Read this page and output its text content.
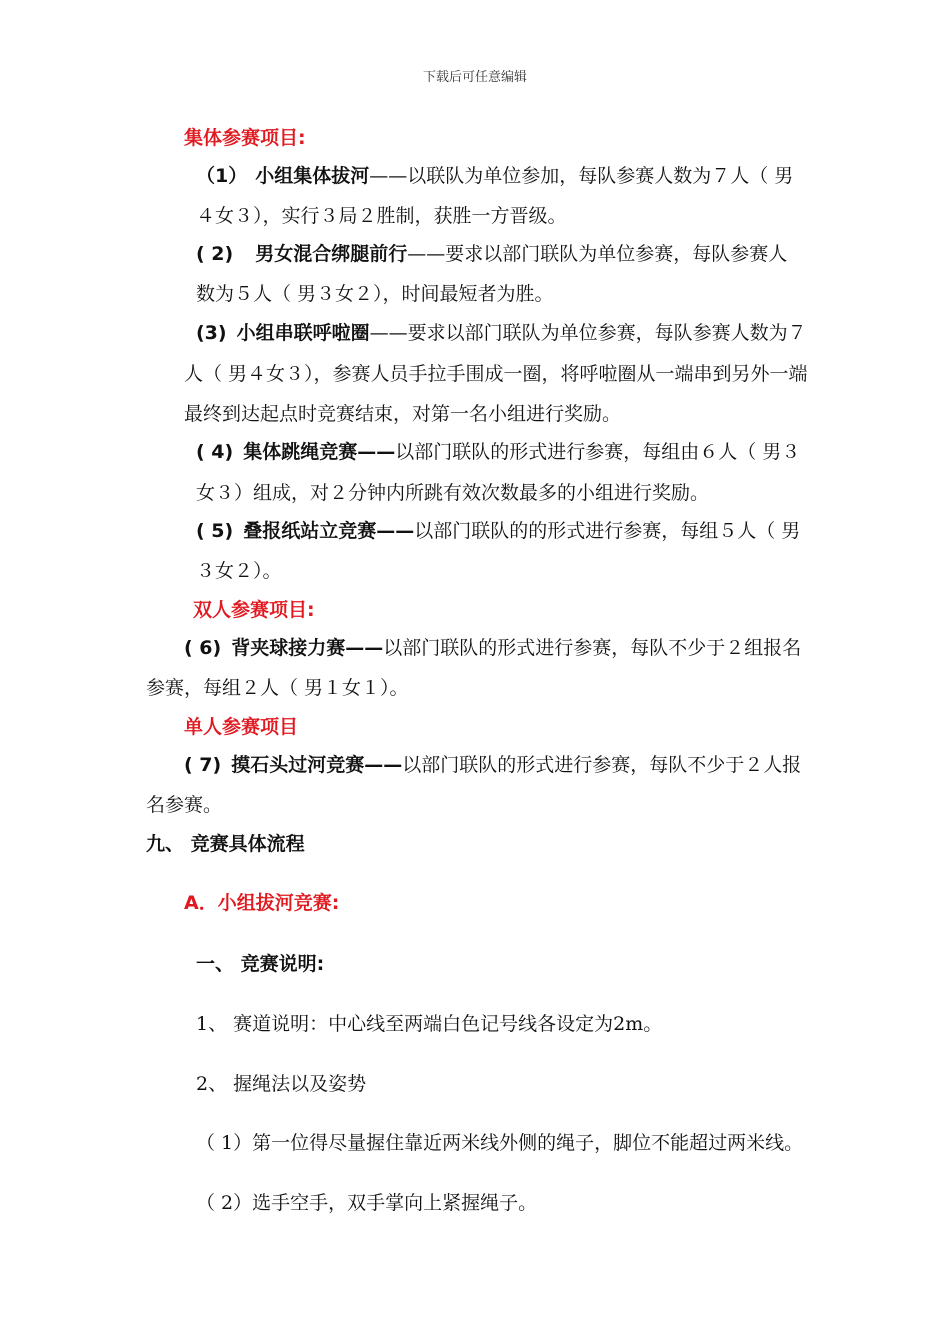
下载后可任意编辑
集体参赛项目:
（1） 小组集体拔河——以联队为单位参加，每队参赛人数为７人（ 男
４女３），实行３局２胜制，获胜一方晋级。
( 2) 男女混合绑腿前行——要求以部门联队为单位参赛，每队参赛人
数为５人（ 男３女２），时间最短者为胜。
(3) 小组串联呼啦圈——要求以部门联队为单位参赛，每队参赛人数为７
人（ 男４女３），参赛人员手拉手围成一圈，将呼啦圈从一端串到另外一端
最终到达起点时竞赛结束，对第一名小组进行奖励。
( 4) 集体跳绳竞赛——以部门联队的形式进行参赛，每组由６人（ 男３
女３）组成，对２分钟内所跳有效次数最多的小组进行奖励。
( 5) 叠报纸站立竞赛——以部门联队的的形式进行参赛，每组５人（ 男
３女２）。
双人参赛项目:
( 6) 背夹球接力赛——以部门联队的形式进行参赛，每队不少于２组报名
参赛，每组２人（ 男１女１）。
单人参赛项目
( 7) 摸石头过河竞赛——以部门联队的形式进行参赛，每队不少于２人报
名参赛。
九、 竞赛具体流程
A．小组拔河竞赛:
一、 竞赛说明:
1、 赛道说明：中心线至两端白色记号线各设定为2m。
2、 握绳法以及姿势
（ 1）第一位得尽量握住靠近两米线外侧的绳子，脚位不能超过两米线。
（ 2）选手空手，双手掌向上紧握绳子。
